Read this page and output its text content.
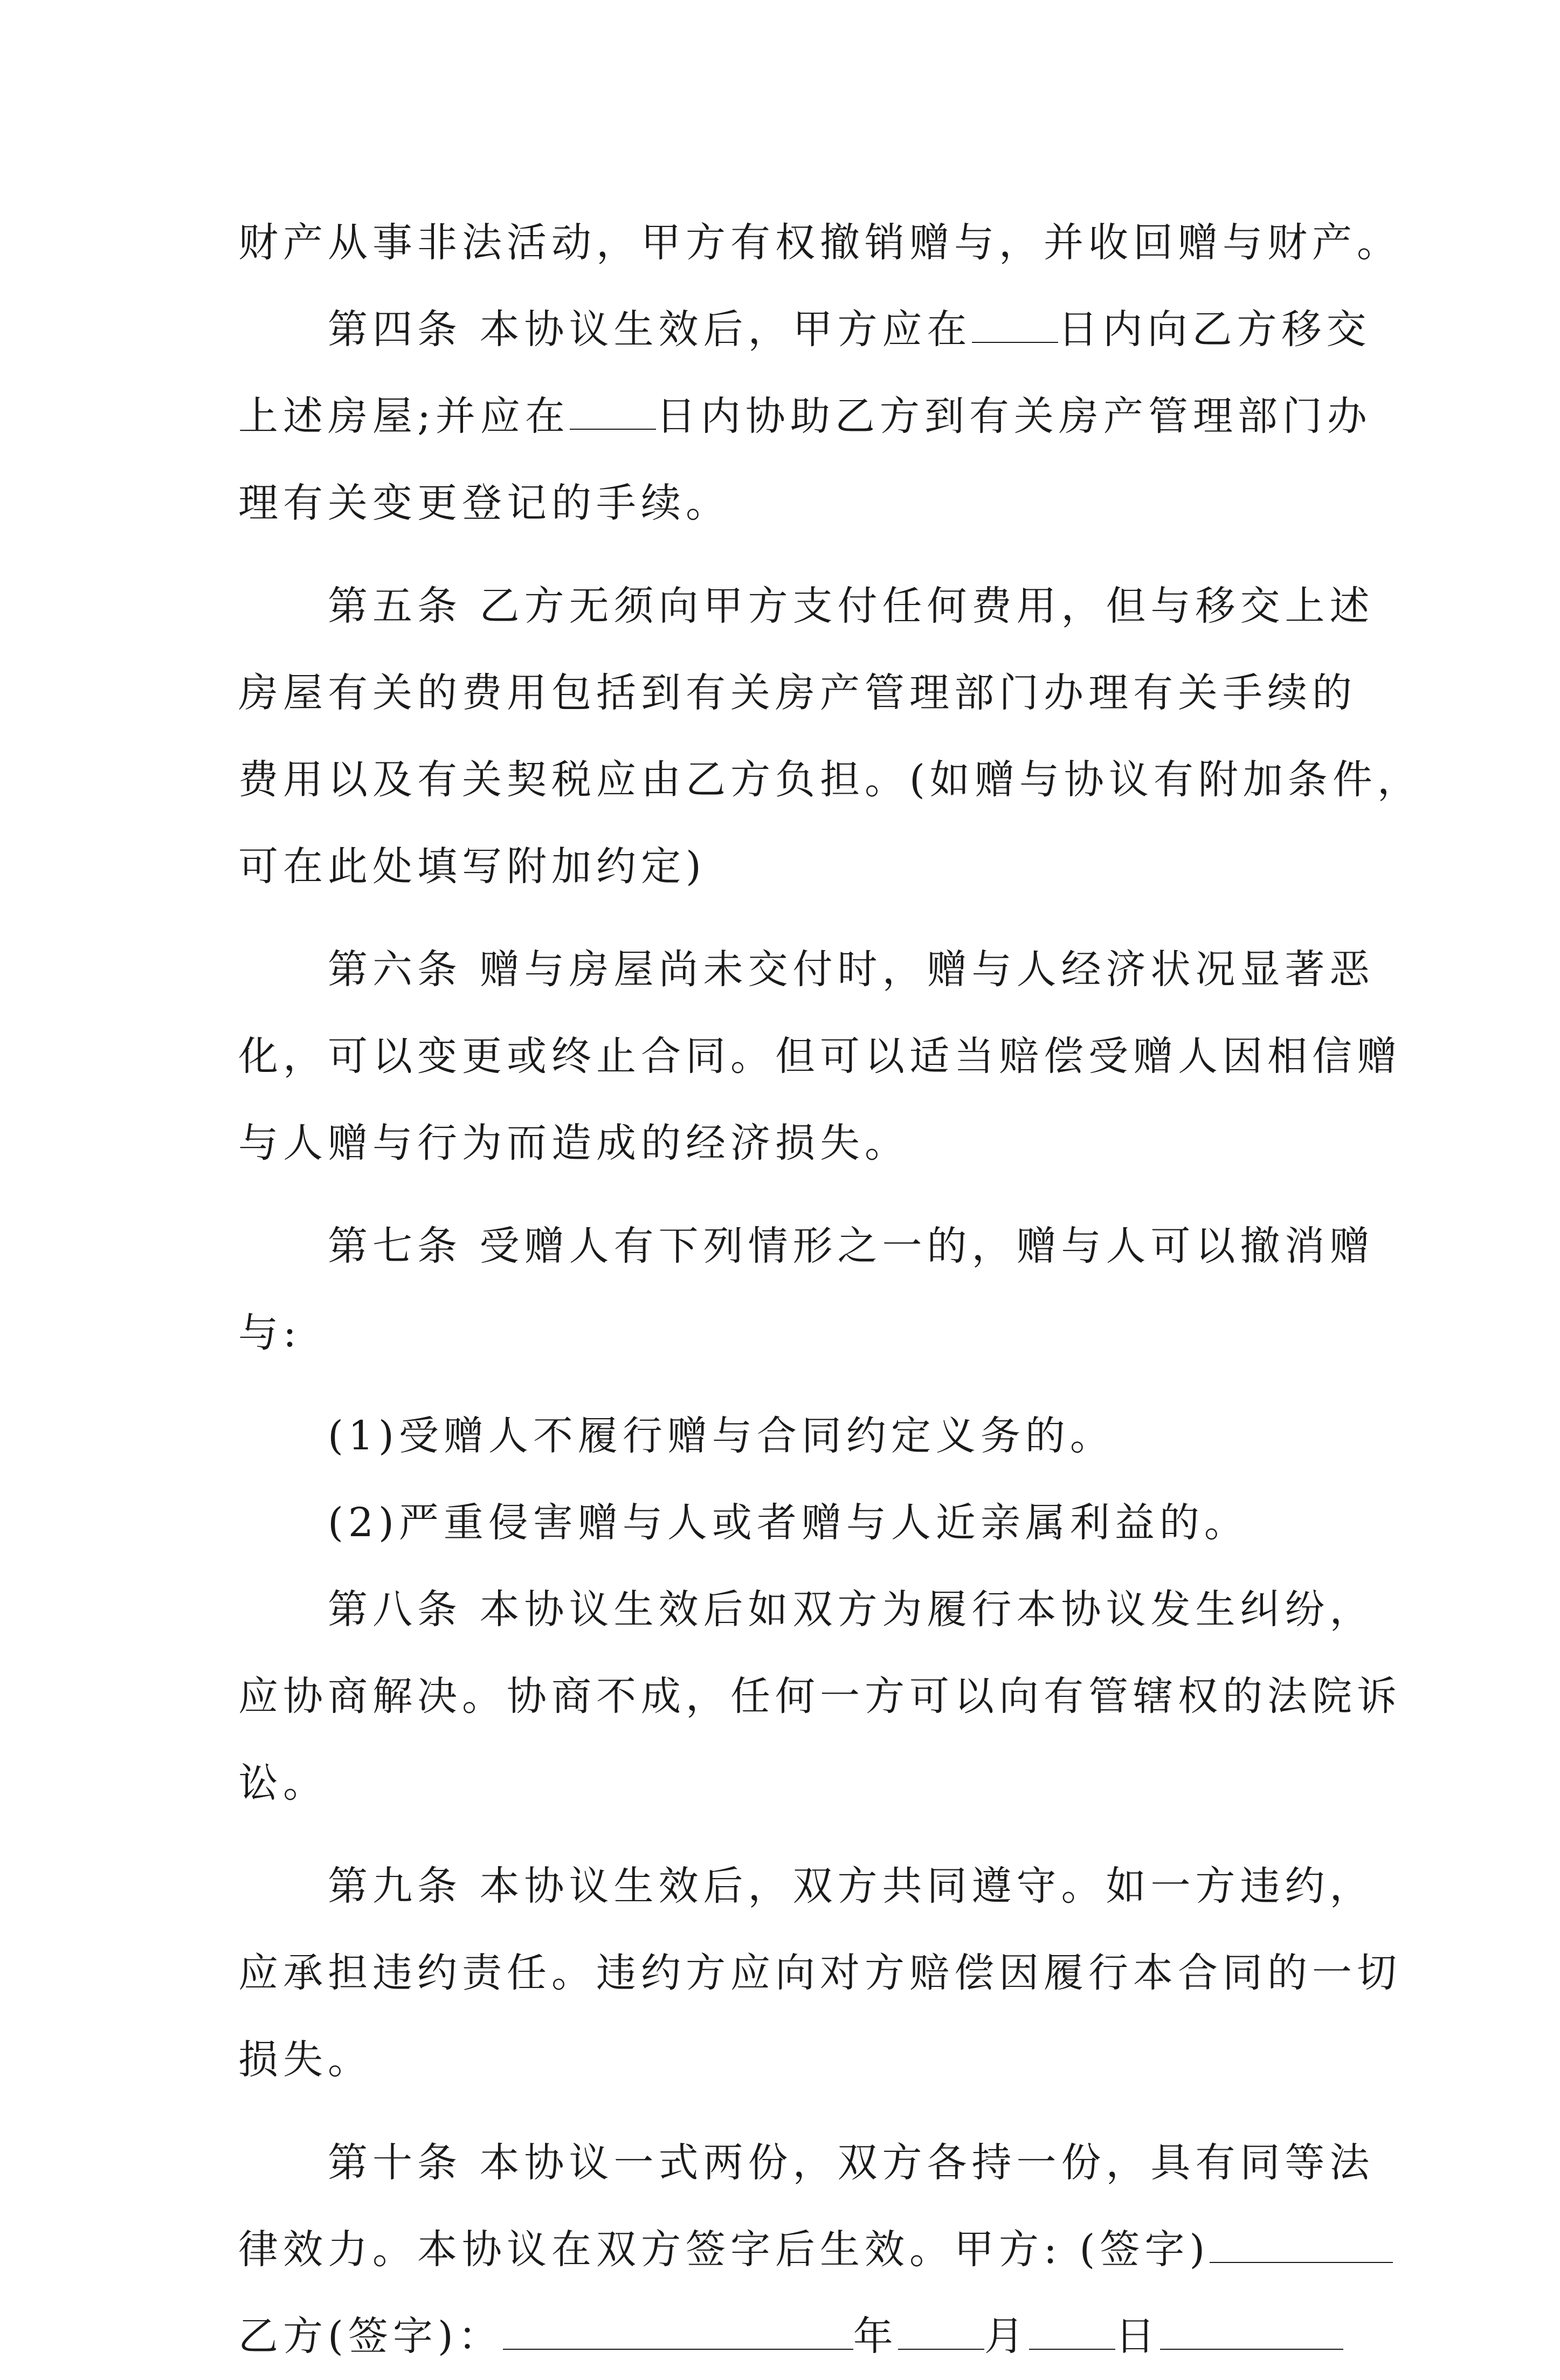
财产从事非法活动，甲方有权撤销赠与，并收回赠与财产。
第四条 本协议生效后，甲方应在 日内向乙方移交
上述房屋;并应在 日内协助乙方到有关房产管理部门办
理有关变更登记的手续。
第五条 乙方无须向甲方支付任何费用，但与移交上述
房屋有关的费用包括到有关房产管理部门办理有关手续的
费用以及有关契税应由乙方负担。(如赠与协议有附加条件，
可在此处填写附加约定)
第六条 赠与房屋尚未交付时，赠与人经济状况显著恶
化，可以变更或终止合同。但可以适当赔偿受赠人因相信赠
与人赠与行为而造成的经济损失。
第七条 受赠人有下列情形之一的，赠与人可以撤消赠
与:
(1)受赠人不履行赠与合同约定义务的。
(2)严重侵害赠与人或者赠与人近亲属利益的。
第八条 本协议生效后如双方为履行本协议发生纠纷，
应协商解决。协商不成，任何一方可以向有管辖权的法院诉
讼。
第九条 本协议生效后，双方共同遵守。如一方违约，
应承担违约责任。违约方应向对方赔偿因履行本合同的一切
损失。
第十条 本协议一式两份，双方各持一份，具有同等法
律效力。本协议在双方签字后生效。甲方: (签字)
乙方(签字)：	年 月 日
